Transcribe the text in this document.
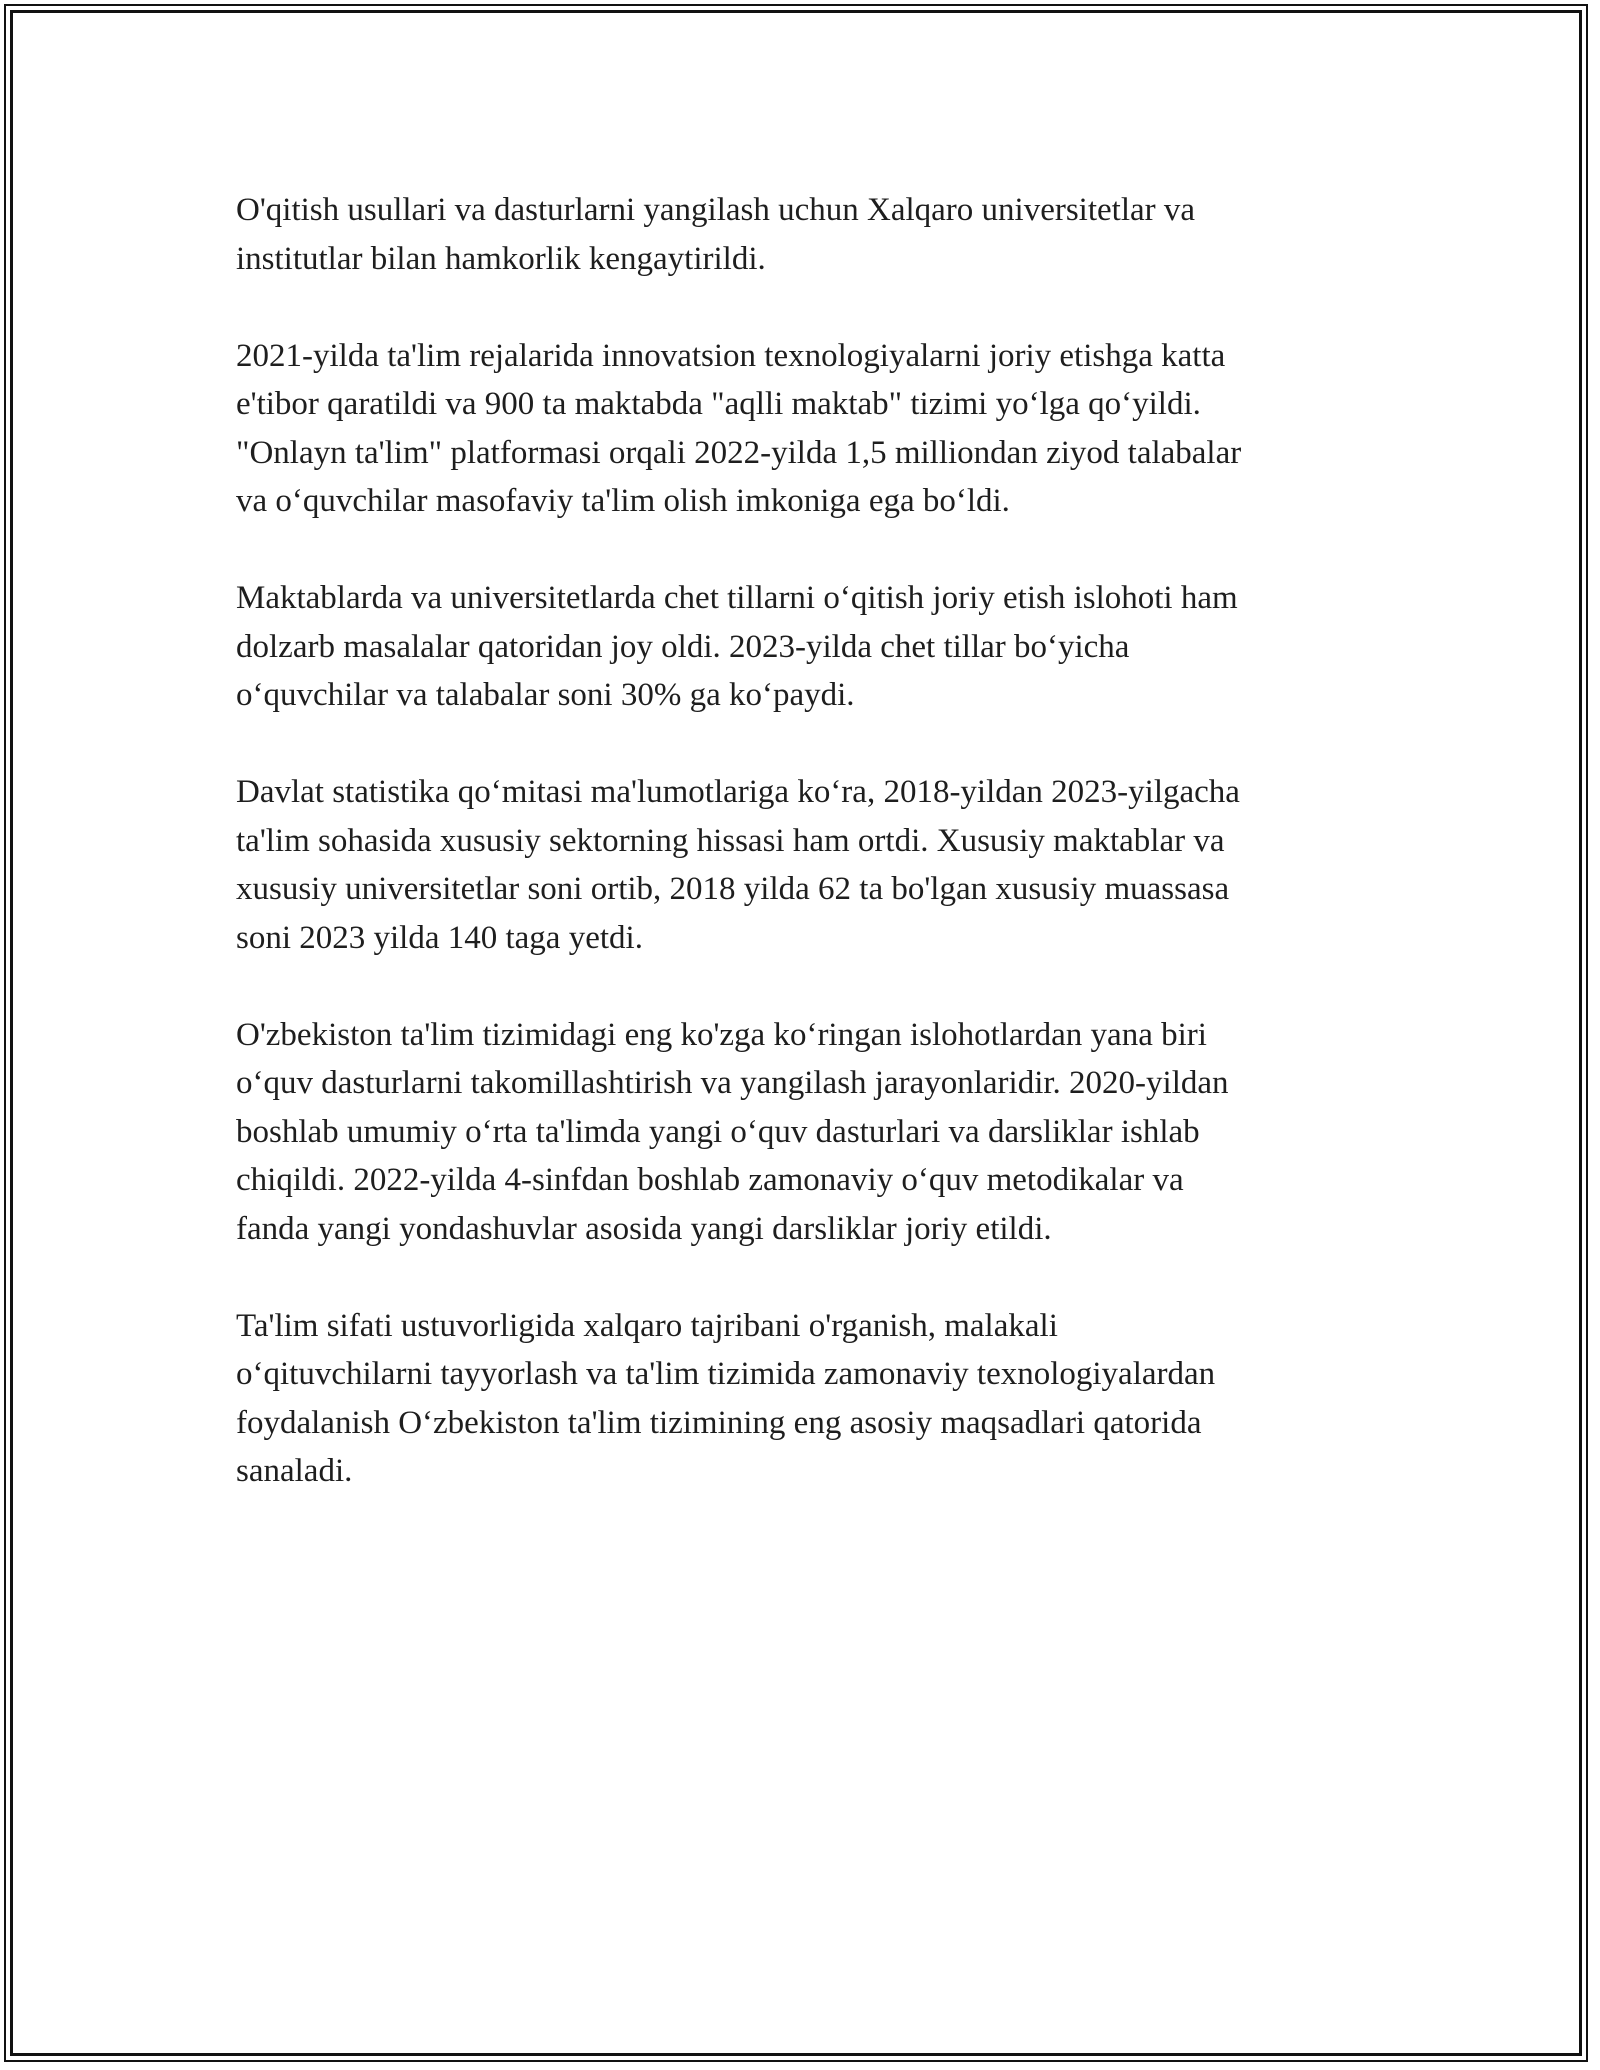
O'qitish usullari va dasturlarni yangilash uchun Xalqaro universitetlar va
institutlar bilan hamkorlik kengaytirildi.

2021-yilda ta'lim rejalarida innovatsion texnologiyalarni joriy etishga katta
e'tibor qaratildi va 900 ta maktabda "aqlli maktab" tizimi yo‘lga qo‘yildi.
"Onlayn ta'lim" platformasi orqali 2022-yilda 1,5 milliondan ziyod talabalar
va o‘quvchilar masofaviy ta'lim olish imkoniga ega bo‘ldi.

Maktablarda va universitetlarda chet tillarni o‘qitish joriy etish islohoti ham
dolzarb masalalar qatoridan joy oldi. 2023-yilda chet tillar bo‘yicha
o‘quvchilar va talabalar soni 30% ga ko‘paydi.

Davlat statistika qo‘mitasi ma'lumotlariga ko‘ra, 2018-yildan 2023-yilgacha
ta'lim sohasida xususiy sektorning hissasi ham ortdi. Xususiy maktablar va
xususiy universitetlar soni ortib, 2018 yilda 62 ta bo'lgan xususiy muassasa
soni 2023 yilda 140 taga yetdi.

O'zbekiston ta'lim tizimidagi eng ko'zga ko‘ringan islohotlardan yana biri
o‘quv dasturlarni takomillashtirish va yangilash jarayonlaridir. 2020-yildan
boshlab umumiy o‘rta ta'limda yangi o‘quv dasturlari va darsliklar ishlab
chiqildi. 2022-yilda 4-sinfdan boshlab zamonaviy o‘quv metodikalar va
fanda yangi yondashuvlar asosida yangi darsliklar joriy etildi.

Ta'lim sifati ustuvorligida xalqaro tajribani o'rganish, malakali
o‘qituvchilarni tayyorlash va ta'lim tizimida zamonaviy texnologiyalardan
foydalanish O‘zbekiston ta'lim tizimining eng asosiy maqsadlari qatorida
sanaladi.
